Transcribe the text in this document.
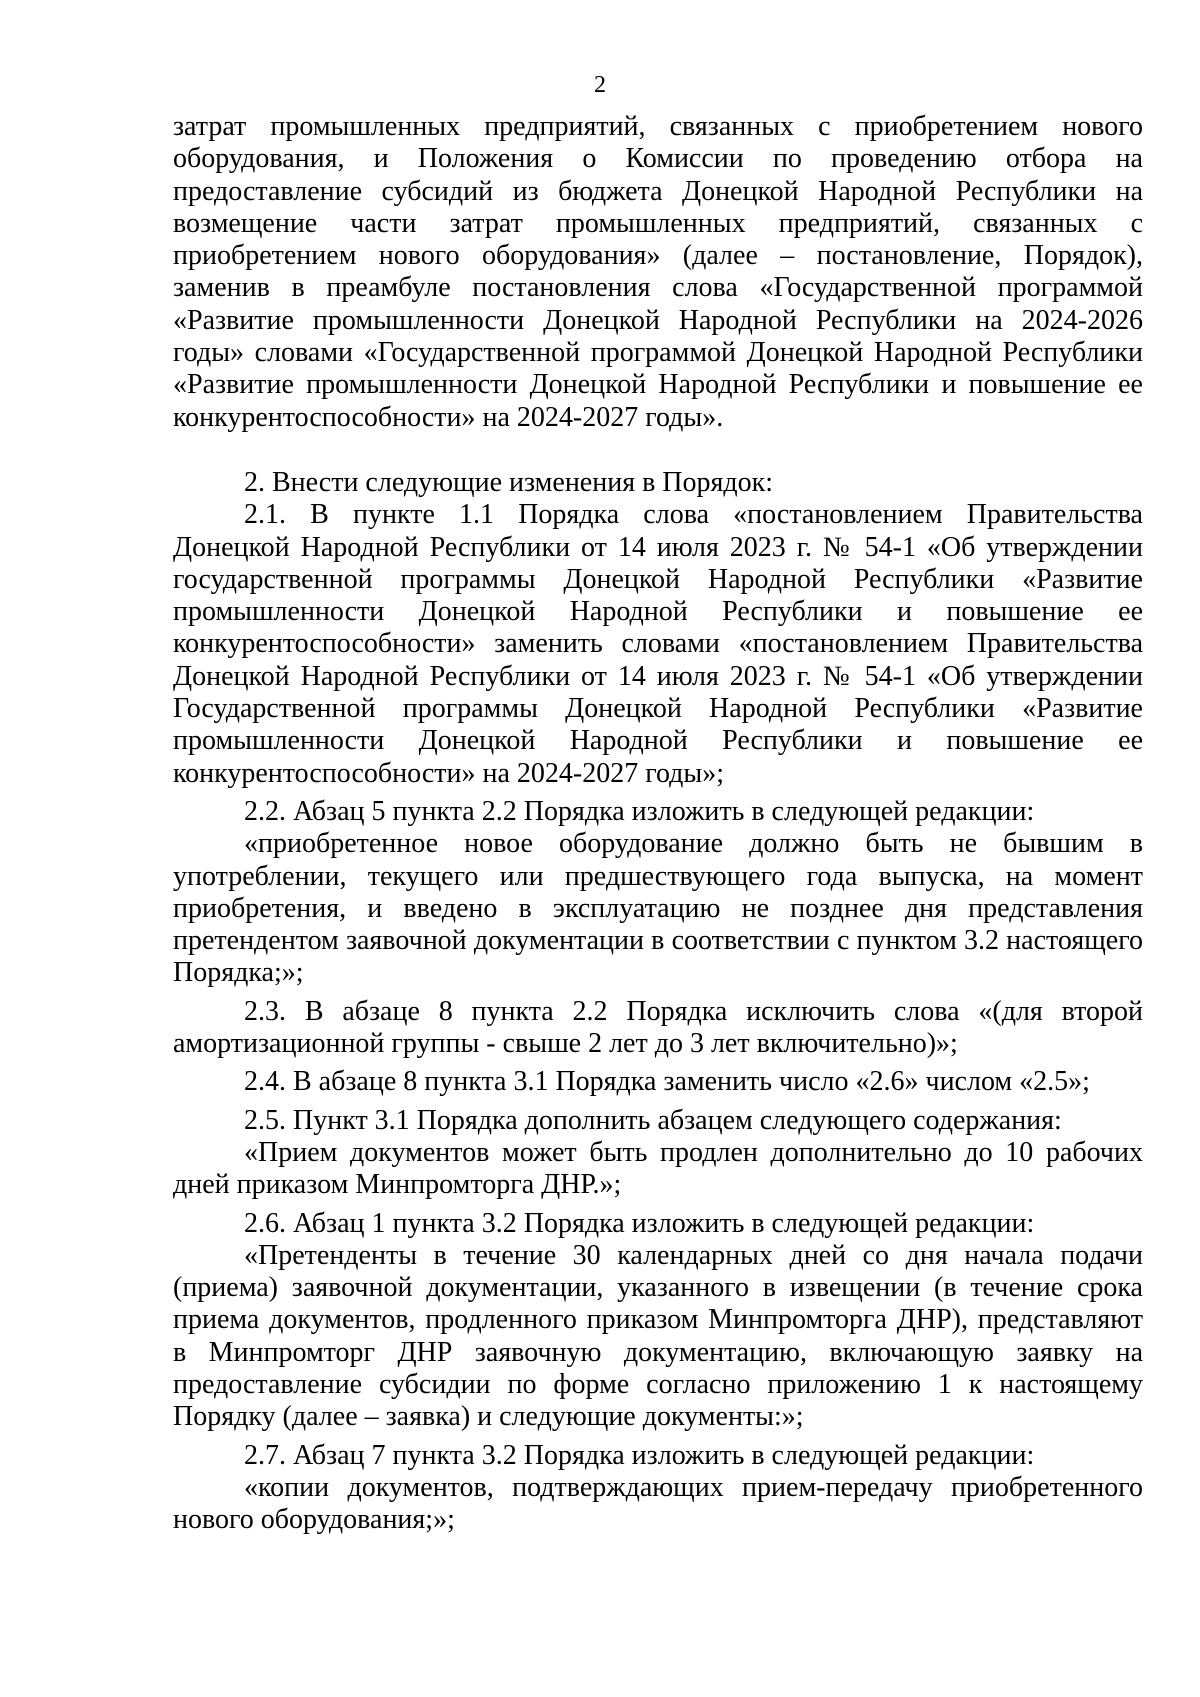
2

затрат промышленных предприятий, связанных с приобретением нового оборудования, и Положения о Комиссии по проведению отбора на предоставление субсидий из бюджета Донецкой Народной Республики на возмещение части затрат промышленных предприятий, связанных с приобретением нового оборудования» (далее – постановление, Порядок), заменив в преамбуле постановления слова «Государственной программой «Развитие промышленности Донецкой Народной Республики на 2024-2026 годы» словами «Государственной программой Донецкой Народной Республики «Развитие промышленности Донецкой Народной Республики и повышение ее конкурентоспособности» на 2024-2027 годы».

2. Внести следующие изменения в Порядок:

2.1. В пункте 1.1 Порядка слова «постановлением Правительства Донецкой Народной Республики от 14 июля 2023 г. № 54-1 «Об утверждении государственной программы Донецкой Народной Республики «Развитие промышленности Донецкой Народной Республики и повышение ее конкурентоспособности» заменить словами «постановлением Правительства Донецкой Народной Республики от 14 июля 2023 г. № 54-1 «Об утверждении Государственной программы Донецкой Народной Республики «Развитие промышленности Донецкой Народной Республики и повышение ее конкурентоспособности» на 2024-2027 годы»;

2.2. Абзац 5 пункта 2.2 Порядка изложить в следующей редакции:

«приобретенное новое оборудование должно быть не бывшим в употреблении, текущего или предшествующего года выпуска, на момент приобретения, и введено в эксплуатацию не позднее дня представления претендентом заявочной документации в соответствии с пунктом 3.2 настоящего Порядка;»;

2.3. В абзаце 8 пункта 2.2 Порядка исключить слова «(для второй амортизационной группы - свыше 2 лет до 3 лет включительно)»;

2.4. В абзаце 8 пункта 3.1 Порядка заменить число «2.6» числом «2.5»;

2.5. Пункт 3.1 Порядка дополнить абзацем следующего содержания:

«Прием документов может быть продлен дополнительно до 10 рабочих дней приказом Минпромторга ДНР.»;

2.6. Абзац 1 пункта 3.2 Порядка изложить в следующей редакции:

«Претенденты в течение 30 календарных дней со дня начала подачи (приема) заявочной документации, указанного в извещении (в течение срока приема документов, продленного приказом Минпромторга ДНР), представляют в Минпромторг ДНР заявочную документацию, включающую заявку на предоставление субсидии по форме согласно приложению 1 к настоящему Порядку (далее – заявка) и следующие документы:»;

2.7. Абзац 7 пункта 3.2 Порядка изложить в следующей редакции:

«копии документов, подтверждающих прием-передачу приобретенного нового оборудования;»;
